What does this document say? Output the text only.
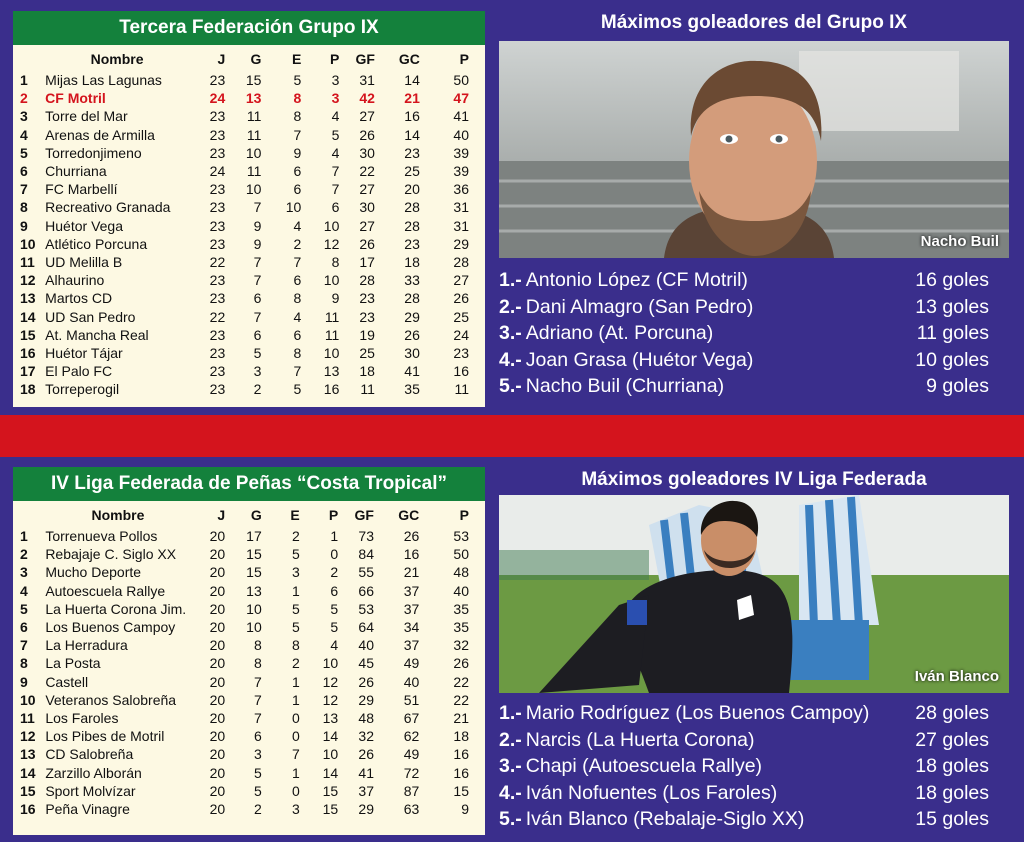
Tercera Federación Grupo IX
	Nombre	J	G	E	P	GF	GC	P
1	Mijas Las Lagunas	23	15	5	3	31	14	50
2	CF Motril	24	13	8	3	42	21	47
3	Torre del Mar	23	11	8	4	27	16	41
4	Arenas de Armilla	23	11	7	5	26	14	40
5	Torredonjimeno	23	10	9	4	30	23	39
6	Churriana	24	11	6	7	22	25	39
7	FC Marbellí	23	10	6	7	27	20	36
8	Recreativo Granada	23	7	10	6	30	28	31
9	Huétor Vega	23	9	4	10	27	28	31
10	Atlético Porcuna	23	9	2	12	26	23	29
11	UD Melilla B	22	7	7	8	17	18	28
12	Alhaurino	23	7	6	10	28	33	27
13	Martos CD	23	6	8	9	23	28	26
14	UD San Pedro	22	7	4	11	23	29	25
15	At. Mancha Real	23	6	6	11	19	26	24
16	Huétor Tájar	23	5	8	10	25	30	23
17	El Palo FC	23	3	7	13	18	41	16
18	Torreperogil	23	2	5	16	11	35	11
Máximos goleadores del Grupo IX
Nacho Buil
1.- Antonio López (CF Motril)	16 goles
2.- Dani Almagro (San Pedro)	13 goles
3.- Adriano (At. Porcuna)	11 goles
4.- Joan Grasa (Huétor Vega)	10 goles
5.- Nacho Buil (Churriana)	9 goles
IV Liga Federada de Peñas “Costa Tropical”
	Nombre	J	G	E	P	GF	GC	P
1	Torrenueva Pollos	20	17	2	1	73	26	53
2	Rebajaje C. Siglo XX	20	15	5	0	84	16	50
3	Mucho Deporte	20	15	3	2	55	21	48
4	Autoescuela Rallye	20	13	1	6	66	37	40
5	La Huerta Corona Jim.	20	10	5	5	53	37	35
6	Los Buenos Campoy	20	10	5	5	64	34	35
7	La Herradura	20	8	8	4	40	37	32
8	La Posta	20	8	2	10	45	49	26
9	Castell	20	7	1	12	26	40	22
10	Veteranos Salobreña	20	7	1	12	29	51	22
11	Los Faroles	20	7	0	13	48	67	21
12	Los Pibes de Motril	20	6	0	14	32	62	18
13	CD Salobreña	20	3	7	10	26	49	16
14	Zarzillo Alborán	20	5	1	14	41	72	16
15	Sport Molvízar	20	5	0	15	37	87	15
16	Peña Vinagre	20	2	3	15	29	63	9
Máximos goleadores IV Liga Federada
Iván Blanco
1.- Mario Rodríguez (Los Buenos Campoy) 28 goles
2.- Narcis (La Huerta Corona)	27 goles
3.- Chapi (Autoescuela Rallye)	18 goles
4.- Iván Nofuentes (Los Faroles)	18 goles
5.- Iván Blanco (Rebalaje-Siglo XX)	15 goles
